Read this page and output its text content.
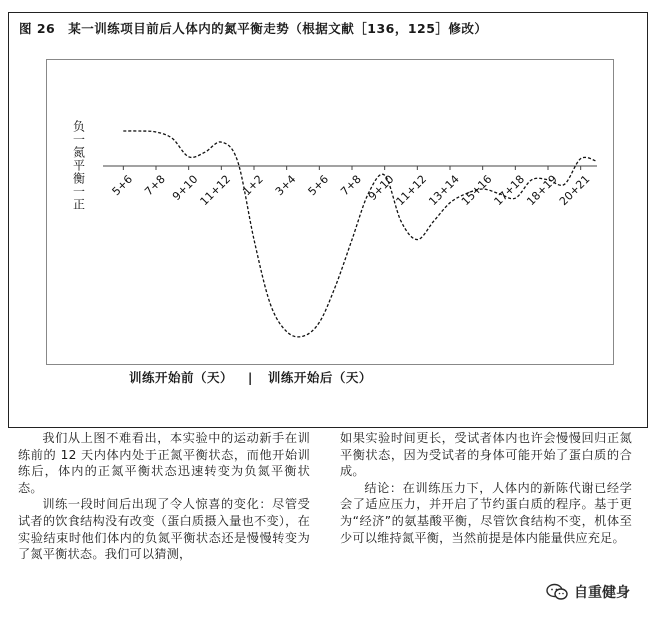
图 26　某一训练项目前后人体内的氮平衡走势（根据文献［136，125］修改）
负一氮平衡一正
5+6 7+8 9+10
11+12 1+2 3+4 5+6 7+8 9+10
11+12
13+14
15+16
17+18
18+19
20+21
训练开始前（天） | 训练开始后（天）

我们从上图不难看出，本实验中的运动新手在训练前的 12 天内体内处于正氮平衡状态，而他开始训练后，体内的正氮平衡状态迅速转变为负氮平衡状态。

训练一段时间后出现了令人惊喜的变化：尽管受试者的饮食结构没有改变（蛋白质摄入量也不变），在实验结束时他们体内的负氮平衡状态还是慢慢转变为了氮平衡状态。我们可以猜测，

如果实验时间更长，受试者体内也许会慢慢回归正氮平衡状态，因为受试者的身体可能开始了蛋白质的合成。

结论：在训练压力下，人体内的新陈代谢已经学会了适应压力，并开启了节约蛋白质的程序。基于更为“经济”的氨基酸平衡，尽管饮食结构不变，机体至少可以维持氮平衡，当然前提是体内能量供应充足。

自重健身
